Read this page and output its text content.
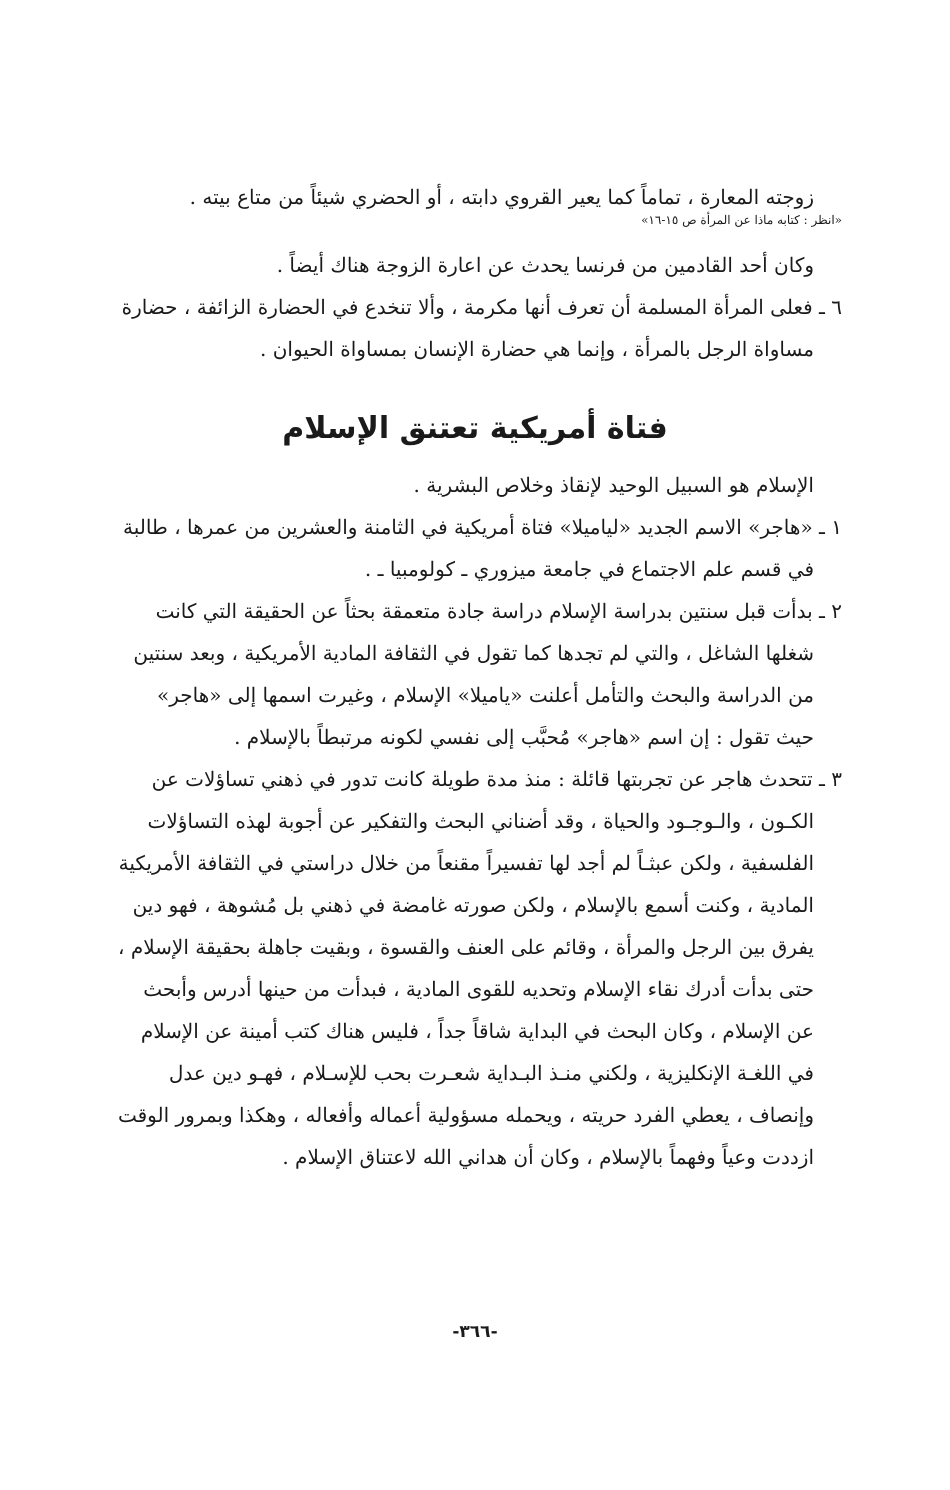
زوجته المعارة ، تماماً كما يعير القروي دابته ، أو الحضري شيئاً من متاع بيته .
«انظر : كتابه ماذا عن المرأة ص ١٥-١٦»
وكان أحد القادمين من فرنسا يحدث عن اعارة الزوجة هناك أيضاً .
٦ ـ فعلى المرأة المسلمة أن تعرف أنها مكرمة ، وألا تنخدع في الحضارة الزائفة ، حضارة
مساواة الرجل بالمرأة ، وإنما هي حضارة الإنسان بمساواة الحيوان .
فتاة أمريكية تعتنق الإسلام
الإسلام هو السبيل الوحيد لإنقاذ وخلاص البشرية .
١ ـ «هاجر» الاسم الجديد «لياميلا» فتاة أمريكية في الثامنة والعشرين من عمرها ، طالبة
في قسم علم الاجتماع في جامعة ميزوري ـ كولومبيا ـ .
٢ ـ بدأت قبل سنتين بدراسة الإسلام دراسة جادة متعمقة بحثاً عن الحقيقة التي كانت
شغلها الشاغل ، والتي لم تجدها كما تقول في الثقافة المادية الأمريكية ، وبعد سنتين
من الدراسة والبحث والتأمل أعلنت «ياميلا» الإسلام ، وغيرت اسمها إلى «هاجر»
حيث تقول : إن اسم «هاجر» مُحبَّب إلى نفسي لكونه مرتبطاً بالإسلام .
٣ ـ تتحدث هاجر عن تجربتها قائلة : منذ مدة طويلة كانت تدور في ذهني تساؤلات عن
الكـون ، والـوجـود والحياة ، وقد أضناني البحث والتفكير عن أجوبة لهذه التساؤلات
الفلسفية ، ولكن عبثـاً لم أجد لها تفسيراً مقنعاً من خلال دراستي في الثقافة الأمريكية
المادية ، وكنت أسمع بالإسلام ، ولكن صورته غامضة في ذهني بل مُشوهة ، فهو دين
يفرق بين الرجل والمرأة ، وقائم على العنف والقسوة ، وبقيت جاهلة بحقيقة الإسلام ،
حتى بدأت أدرك نقاء الإسلام وتحديه للقوى المادية ، فبدأت من حينها أدرس وأبحث
عن الإسلام ، وكان البحث في البداية شاقاً جداً ، فليس هناك كتب أمينة عن الإسلام
في اللغـة الإنكليزية ، ولكني منـذ البـداية شعـرت بحب للإسـلام ، فهـو دين عدل
وإنصاف ، يعطي الفرد حريته ، ويحمله مسؤولية أعماله وأفعاله ، وهكذا وبمرور الوقت
ازددت وعياً وفهماً بالإسلام ، وكان أن هداني الله لاعتناق الإسلام .
-٣٦٦-
